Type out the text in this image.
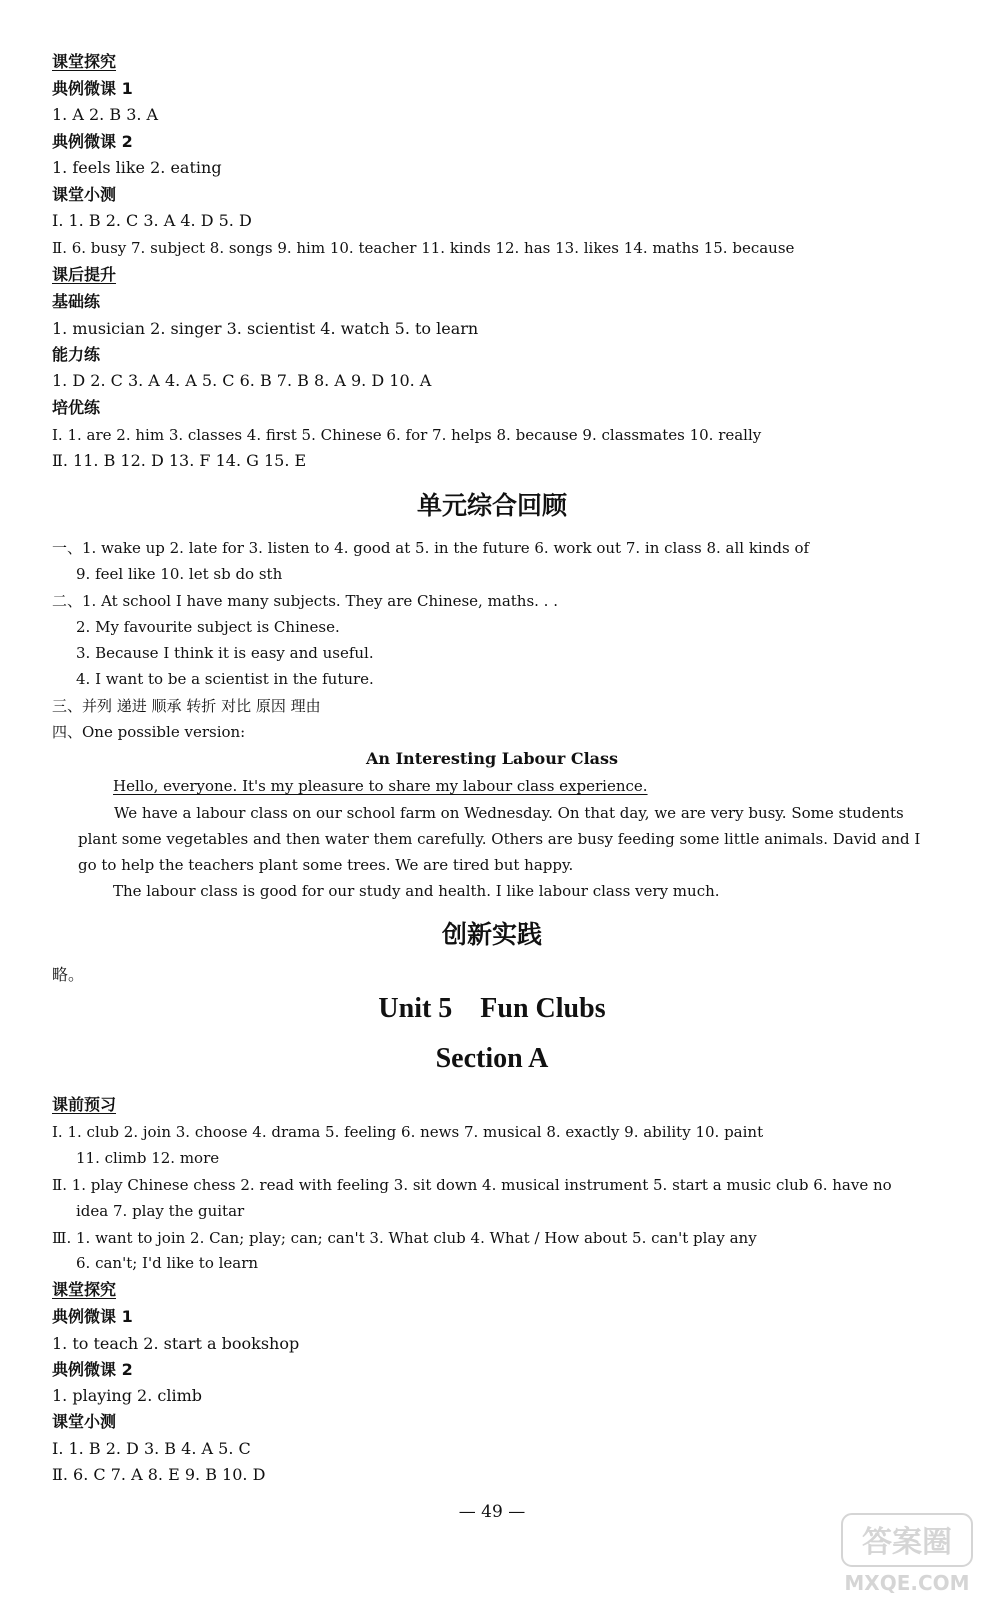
课堂探究
典例微课 1
1. A 2. B 3. A
典例微课 2
1. feels like 2. eating
课堂小测
Ⅰ. 1. B 2. C 3. A 4. D 5. D
Ⅱ. 6. busy 7. subject 8. songs 9. him 10. teacher 11. kinds 12. has 13. likes 14. maths 15. because
课后提升
基础练
1. musician 2. singer 3. scientist 4. watch 5. to learn
能力练
1. D 2. C 3. A 4. A 5. C 6. B 7. B 8. A 9. D 10. A
培优练
Ⅰ. 1. are 2. him 3. classes 4. first 5. Chinese 6. for 7. helps 8. because 9. classmates 10. really
Ⅱ. 11. B 12. D 13. F 14. G 15. E
单元综合回顾
一、1. wake up 2. late for 3. listen to 4. good at 5. in the future 6. work out 7. in class 8. all kinds of
9. feel like 10. let sb do sth
二、1. At school I have many subjects. They are Chinese, maths. . .
2. My favourite subject is Chinese.
3. Because I think it is easy and useful.
4. I want to be a scientist in the future.
三、并列 递进 顺承 转折 对比 原因 理由
四、One possible version:
An Interesting Labour Class
Hello, everyone. It's my pleasure to share my labour class experience.
We have a labour class on our school farm on Wednesday. On that day, we are very busy. Some students plant some vegetables and then water them carefully. Others are busy feeding some little animals. David and I go to help the teachers plant some trees. We are tired but happy.
The labour class is good for our study and health. I like labour class very much.
创新实践
略。
Unit 5    Fun Clubs
Section A
课前预习
Ⅰ. 1. club 2. join 3. choose 4. drama 5. feeling 6. news 7. musical 8. exactly 9. ability 10. paint
11. climb 12. more
Ⅱ. 1. play Chinese chess 2. read with feeling 3. sit down 4. musical instrument 5. start a music club 6. have no
idea 7. play the guitar
Ⅲ. 1. want to join 2. Can; play; can; can't 3. What club 4. What / How about 5. can't play any
6. can't; I'd like to learn
课堂探究
典例微课 1
1. to teach 2. start a bookshop
典例微课 2
1. playing 2. climb
课堂小测
Ⅰ. 1. B 2. D 3. B 4. A 5. C
Ⅱ. 6. C 7. A 8. E 9. B 10. D
— 49 —
答案圈
MXQE.COM
